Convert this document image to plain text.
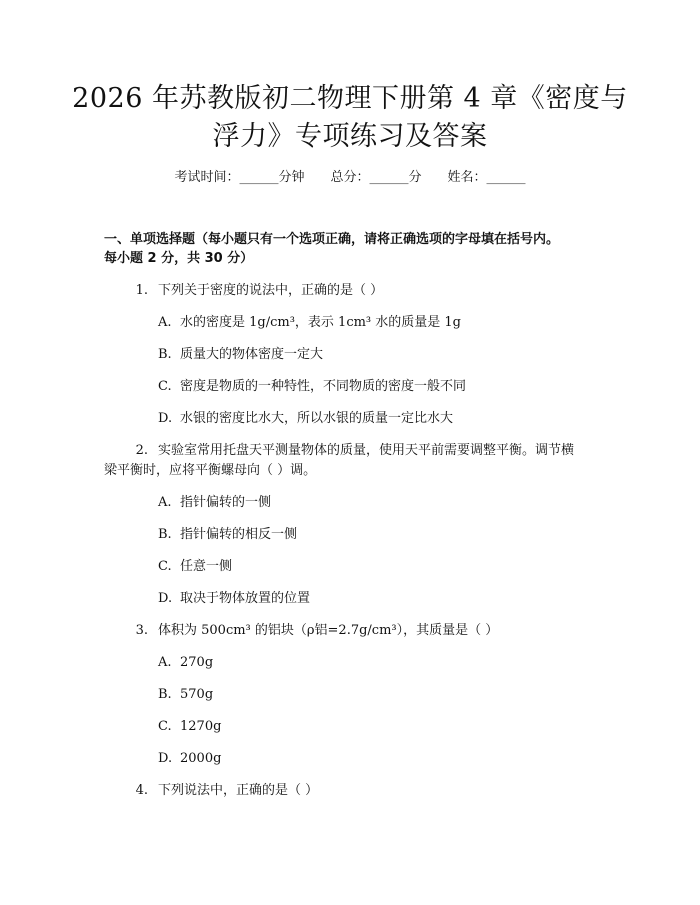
2026 年苏教版初二物理下册第 4 章《密度与
浮力》专项练习及答案
考试时间：______分钟 总分：______分 姓名：______
一、单项选择题（每小题只有一个选项正确，请将正确选项的字母填在括号内。
每小题 2 分，共 30 分）
1. 下列关于密度的说法中，正确的是（ ）
A. 水的密度是 1g/cm³，表示 1cm³ 水的质量是 1g
B. 质量大的物体密度一定大
C. 密度是物质的一种特性，不同物质的密度一般不同
D. 水银的密度比水大，所以水银的质量一定比水大
2. 实验室常用托盘天平测量物体的质量，使用天平前需要调整平衡。调节横
梁平衡时，应将平衡螺母向（ ）调。
A. 指针偏转的一侧
B. 指针偏转的相反一侧
C. 任意一侧
D. 取决于物体放置的位置
3. 体积为 500cm³ 的铝块（ρ铝=2.7g/cm³），其质量是（ ）
A. 270g
B. 570g
C. 1270g
D. 2000g
4. 下列说法中，正确的是（ ）
